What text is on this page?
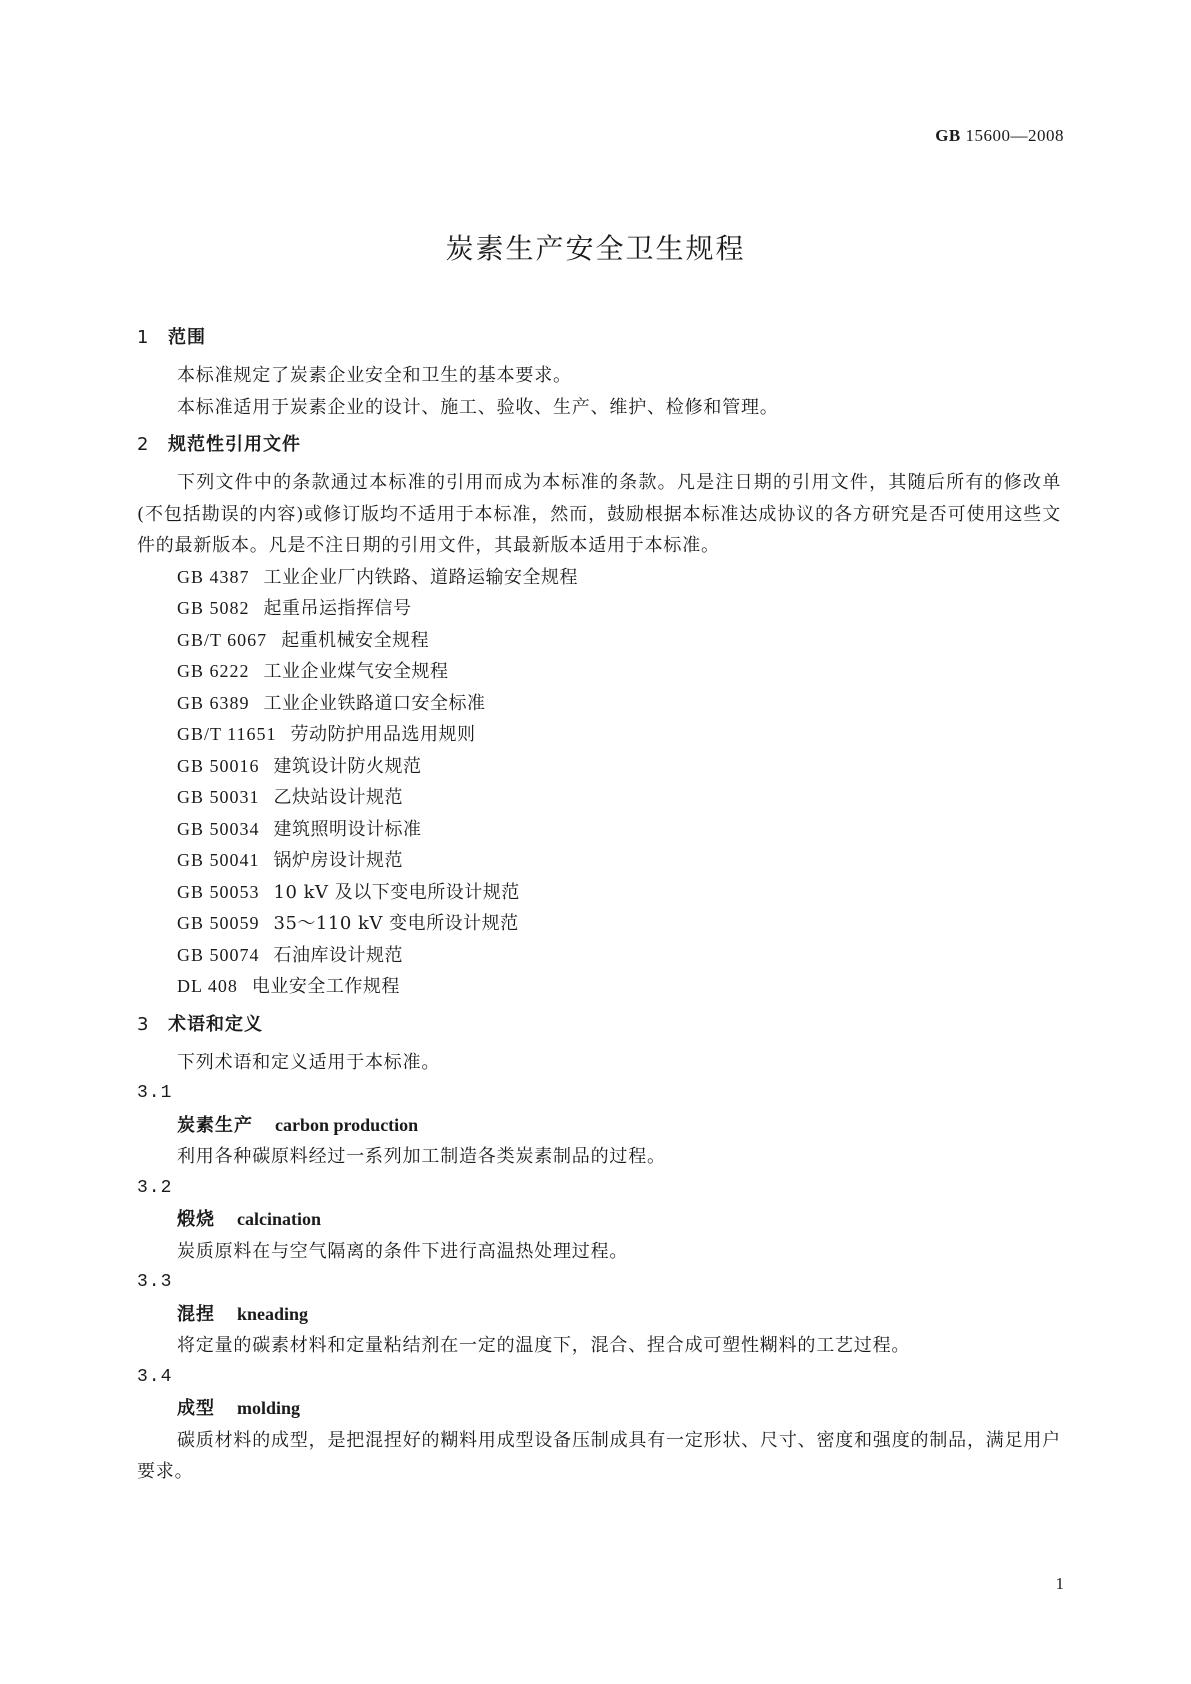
GB 15600—2008
炭素生产安全卫生规程
1 范围

本标准规定了炭素企业安全和卫生的基本要求。

本标准适用于炭素企业的设计、施工、验收、生产、维护、检修和管理。

2 规范性引用文件

下列文件中的条款通过本标准的引用而成为本标准的条款。凡是注日期的引用文件，其随后所有的修改单(不包括勘误的内容)或修订版均不适用于本标准，然而，鼓励根据本标准达成协议的各方研究是否可使用这些文件的最新版本。凡是不注日期的引用文件，其最新版本适用于本标准。

GB 4387 工业企业厂内铁路、道路运输安全规程
GB 5082 起重吊运指挥信号
GB/T 6067 起重机械安全规程
GB 6222 工业企业煤气安全规程
GB 6389 工业企业铁路道口安全标准
GB/T 11651 劳动防护用品选用规则
GB 50016 建筑设计防火规范
GB 50031 乙炔站设计规范
GB 50034 建筑照明设计标准
GB 50041 锅炉房设计规范
GB 50053 10 kV 及以下变电所设计规范
GB 50059 35～110 kV 变电所设计规范
GB 50074 石油库设计规范
DL 408 电业安全工作规程
3 术语和定义

下列术语和定义适用于本标准。

3.1
炭素生产 carbon production

利用各种碳原料经过一系列加工制造各类炭素制品的过程。

3.2
煅烧 calcination

炭质原料在与空气隔离的条件下进行高温热处理过程。

3.3
混捏 kneading

将定量的碳素材料和定量粘结剂在一定的温度下，混合、捏合成可塑性糊料的工艺过程。

3.4
成型 molding

碳质材料的成型，是把混捏好的糊料用成型设备压制成具有一定形状、尺寸、密度和强度的制品，满足用户要求。

1
